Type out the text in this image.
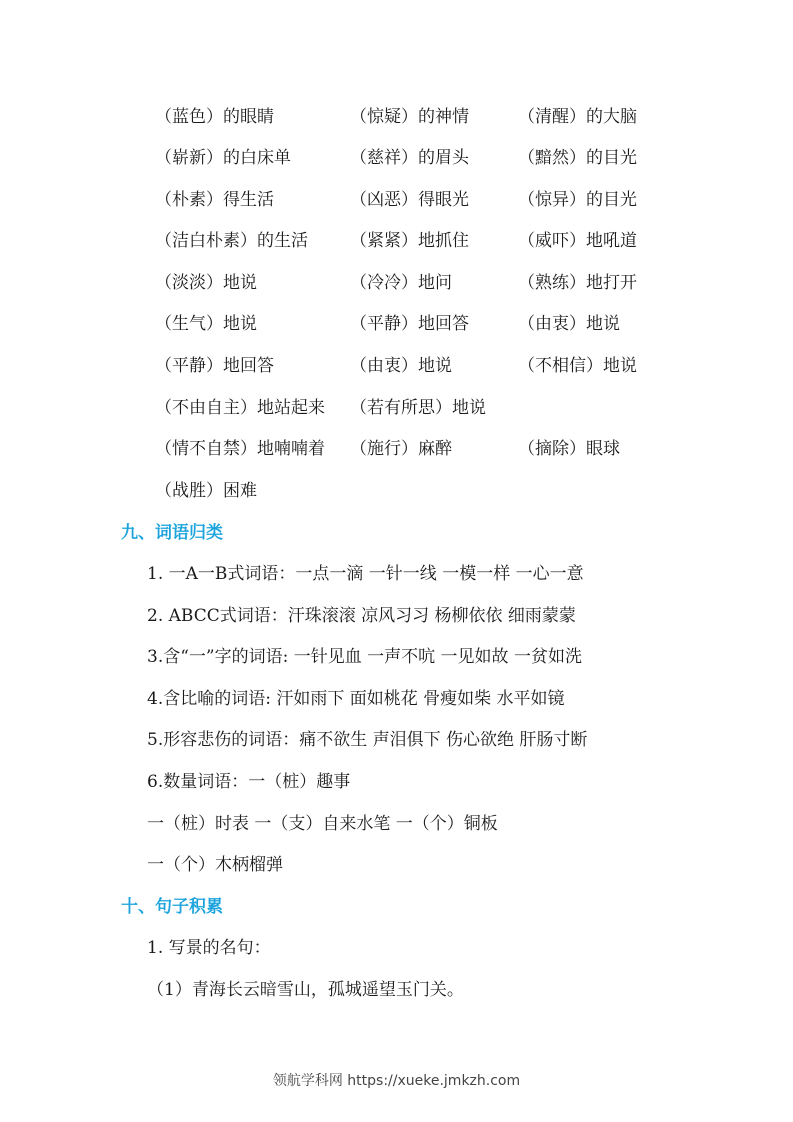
（蓝色）的眼睛	（惊疑）的神情	（清醒）的大脑
（崭新）的白床单	（慈祥）的眉头	（黯然）的目光
（朴素）得生活	（凶恶）得眼光	（惊异）的目光
（洁白朴素）的生活 （紧紧）地抓住	（威吓）地吼道
（淡淡）地说	（冷冷）地问	（熟练）地打开
（生气）地说	（平静）地回答	（由衷）地说
（平静）地回答	（由衷）地说	（不相信）地说
（不由自主）地站起来 （若有所思）地说
（情不自禁）地喃喃着 （施行）麻醉	（摘除）眼球
（战胜）困难
九、词语归类
1. 一A一B式词语：一点一滴 一针一线 一模一样 一心一意
2. ABCC式词语：汗珠滚滚 凉风习习 杨柳依依 细雨蒙蒙
3.含“一”字的词语: 一针见血 一声不吭 一见如故 一贫如洗
4.含比喻的词语: 汗如雨下 面如桃花 骨瘦如柴 水平如镜
5.形容悲伤的词语：痛不欲生 声泪俱下 伤心欲绝 肝肠寸断
6.数量词语：一（桩）趣事
一（桩）时表 一（支）自来水笔 一（个）铜板
一（个）木柄榴弹
十、句子积累
1. 写景的名句：
（1）青海长云暗雪山，孤城遥望玉门关。
领航学科网 https://xueke.jmkzh.com
